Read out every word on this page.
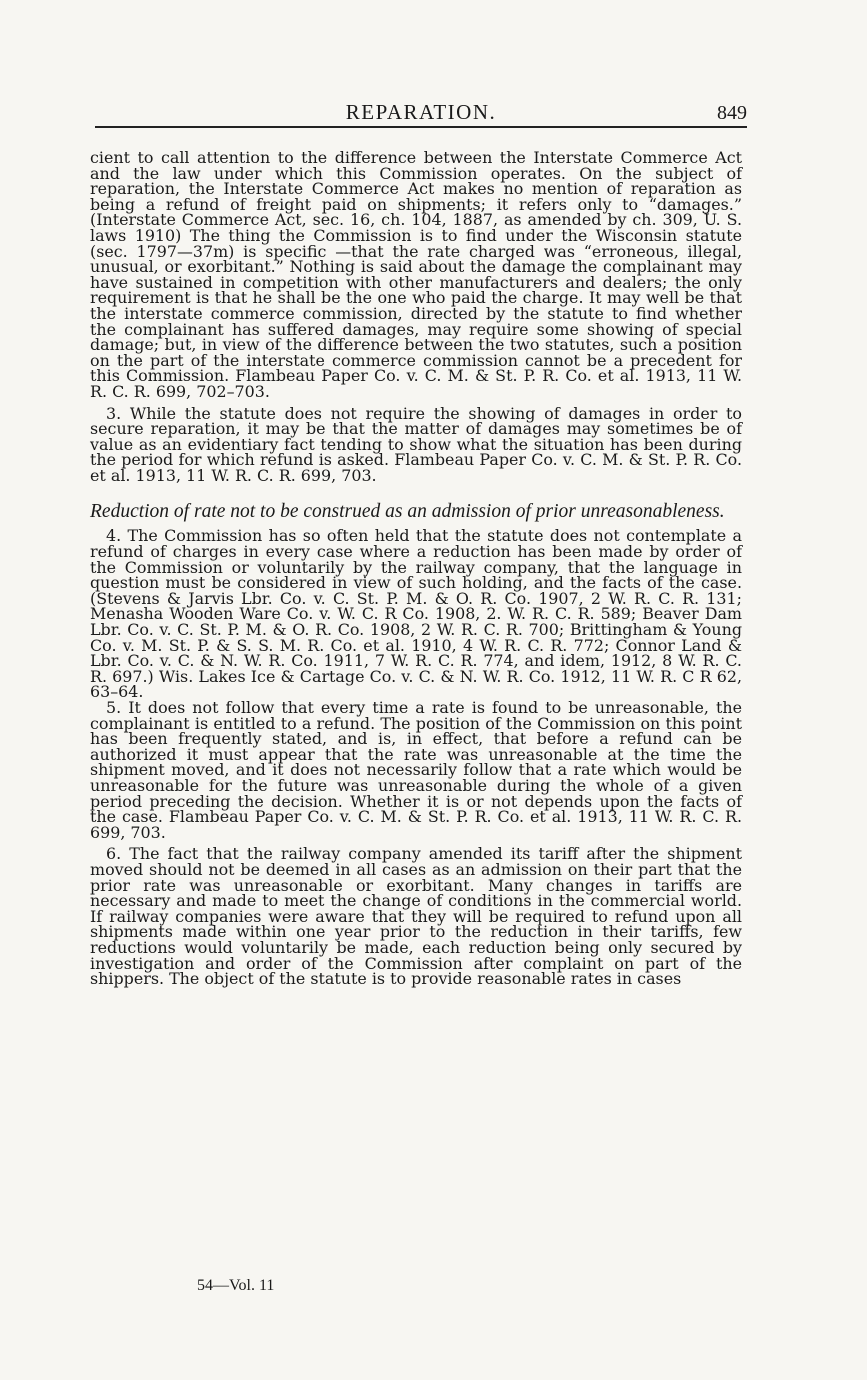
REPARATION.	849

cient to call attention to the difference between the Interstate Commerce Act and the law under which this Commission operates. On the subject of reparation, the Interstate Commerce Act makes no mention of reparation as being a refund of freight paid on shipments; it refers only to “damages.” (Interstate Commerce Act, sec. 16, ch. 104, 1887, as amended by ch. 309, U. S. laws 1910) The thing the Commission is to find under the Wisconsin statute (sec. 1797—37m) is specific —that the rate charged was “erroneous, illegal, unusual, or exorbitant.” Nothing is said about the damage the complainant may have sustained in competition with other manufacturers and dealers; the only requirement is that he shall be the one who paid the charge. It may well be that the interstate commerce commission, directed by the statute to find whether the complainant has suffered damages, may require some showing of special damage; but, in view of the difference between the two statutes, such a position on the part of the interstate commerce commission cannot be a precedent for this Commission. Flambeau Paper Co. v. C. M. & St. P. R. Co. et al. 1913, 11 W. R. C. R. 699, 702–703.

3. While the statute does not require the showing of damages in order to secure reparation, it may be that the matter of damages may sometimes be of value as an evidentiary fact tending to show what the situation has been during the period for which refund is asked. Flambeau Paper Co. v. C. M. & St. P. R. Co. et al. 1913, 11 W. R. C. R. 699, 703.

Reduction of rate not to be construed as an admission of prior unreasonableness.

4. The Commission has so often held that the statute does not contemplate a refund of charges in every case where a reduction has been made by order of the Commission or voluntarily by the railway company, that the language in question must be considered in view of such holding, and the facts of the case. (Stevens & Jarvis Lbr. Co. v. C. St. P. M. & O. R. Co. 1907, 2 W. R. C. R. 131; Menasha Wooden Ware Co. v. W. C. R Co. 1908, 2. W. R. C. R. 589; Beaver Dam Lbr. Co. v. C. St. P. M. & O. R. Co. 1908, 2 W. R. C. R. 700; Brittingham & Young Co. v. M. St. P. & S. S. M. R. Co. et al. 1910, 4 W. R. C. R. 772; Connor Land & Lbr. Co. v. C. & N. W. R. Co. 1911, 7 W. R. C. R. 774, and idem, 1912, 8 W. R. C. R. 697.) Wis. Lakes Ice & Cartage Co. v. C. & N. W. R. Co. 1912, 11 W. R. C R 62, 63–64.

5. It does not follow that every time a rate is found to be unreasonable, the complainant is entitled to a refund. The position of the Commission on this point has been frequently stated, and is, in effect, that before a refund can be authorized it must appear that the rate was unreasonable at the time the shipment moved, and it does not necessarily follow that a rate which would be unreasonable for the future was unreasonable during the whole of a given period preceding the decision. Whether it is or not depends upon the facts of the case. Flambeau Paper Co. v. C. M. & St. P. R. Co. et al. 1913, 11 W. R. C. R. 699, 703.

6. The fact that the railway company amended its tariff after the shipment moved should not be deemed in all cases as an admission on their part that the prior rate was unreasonable or exorbitant. Many changes in tariffs are necessary and made to meet the change of conditions in the commercial world. If railway companies were aware that they will be required to refund upon all shipments made within one year prior to the reduction in their tariffs, few reductions would voluntarily be made, each reduction being only secured by investigation and order of the Commission after complaint on part of the shippers. The object of the statute is to provide reasonable rates in cases

54—Vol. 11
